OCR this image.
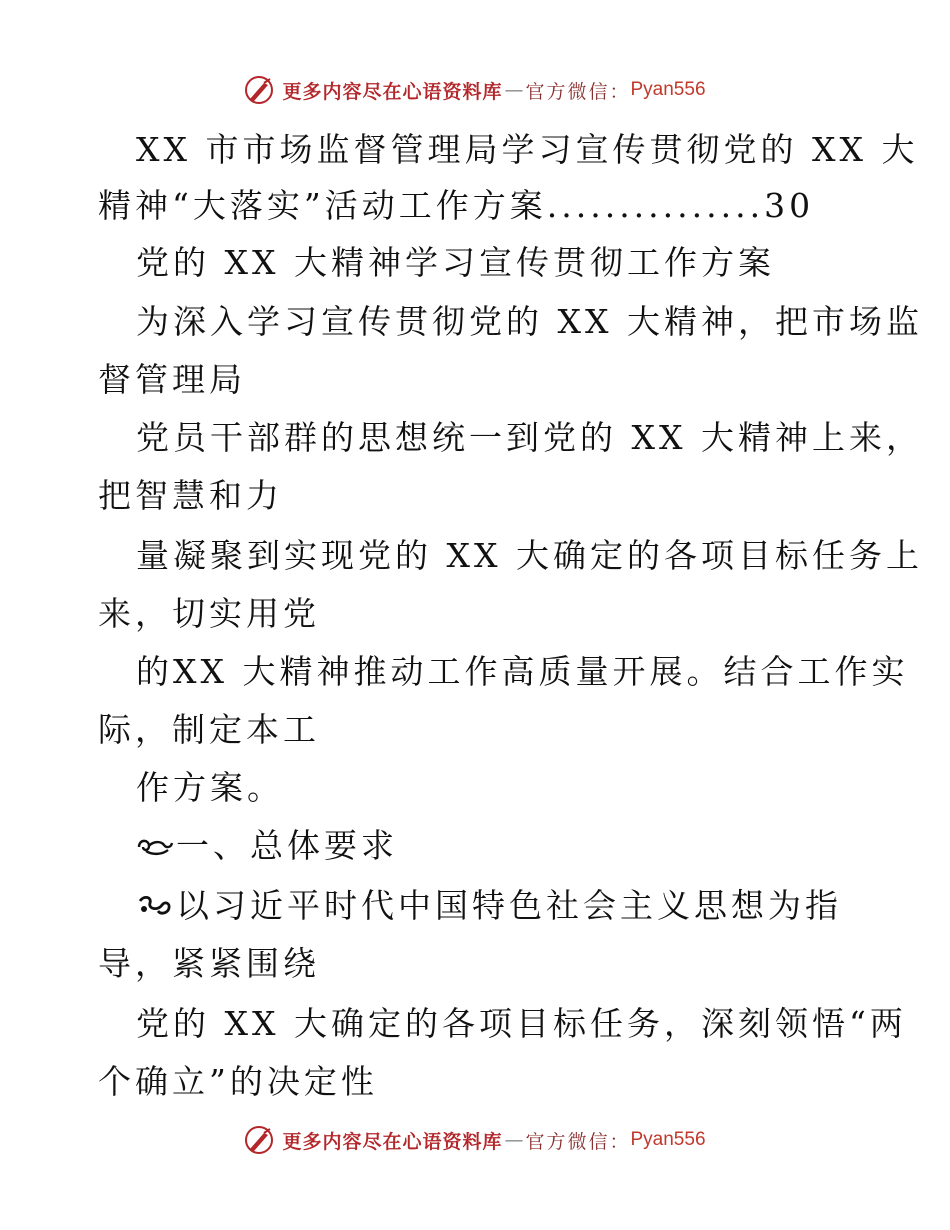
更多内容尽在心语资料库 — 官方微信： Pyan556
XX 市市场监督管理局学习宣传贯彻党的 XX 大
精神“大落实”活动工作方案...............30
党的 XX 大精神学习宣传贯彻工作方案
为深入学习宣传贯彻党的 XX 大精神，把市场监
督管理局
党员干部群的思想统一到党的 XX 大精神上来，
把智慧和力
量凝聚到实现党的 XX 大确定的各项目标任务上
来，切实用党
的XX 大精神推动工作高质量开展。结合工作实
际，制定本工
作方案。
一、总体要求
以习近平时代中国特色社会主义思想为指
导，紧紧围绕
党的 XX 大确定的各项目标任务，深刻领悟“两
个确立”的决定性
更多内容尽在心语资料库 — 官方微信： Pyan556
